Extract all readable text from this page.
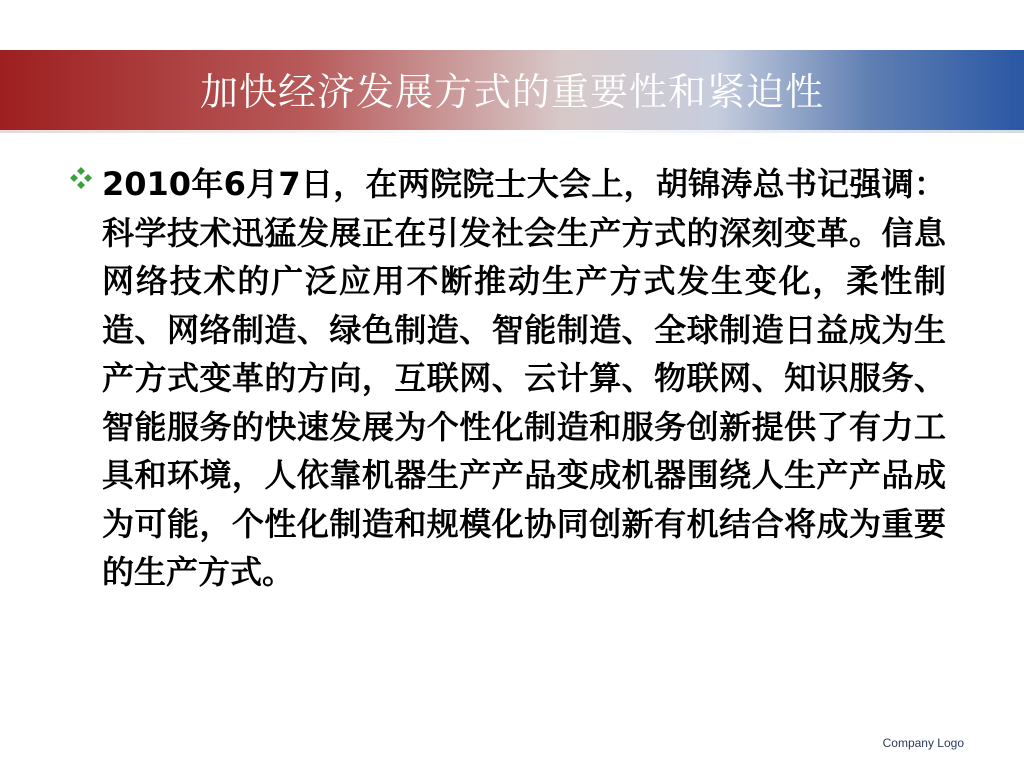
加快经济发展方式的重要性和紧迫性

2010年6月7日，在两院院士大会上，胡锦涛总书记强调：科学技术迅猛发展正在引发社会生产方式的深刻变革。信息网络技术的广泛应用不断推动生产方式发生变化，柔性制造、网络制造、绿色制造、智能制造、全球制造日益成为生产方式变革的方向，互联网、云计算、物联网、知识服务、智能服务的快速发展为个性化制造和服务创新提供了有力工具和环境，人依靠机器生产产品变成机器围绕人生产产品成为可能，个性化制造和规模化协同创新有机结合将成为重要的生产方式。

Company Logo
